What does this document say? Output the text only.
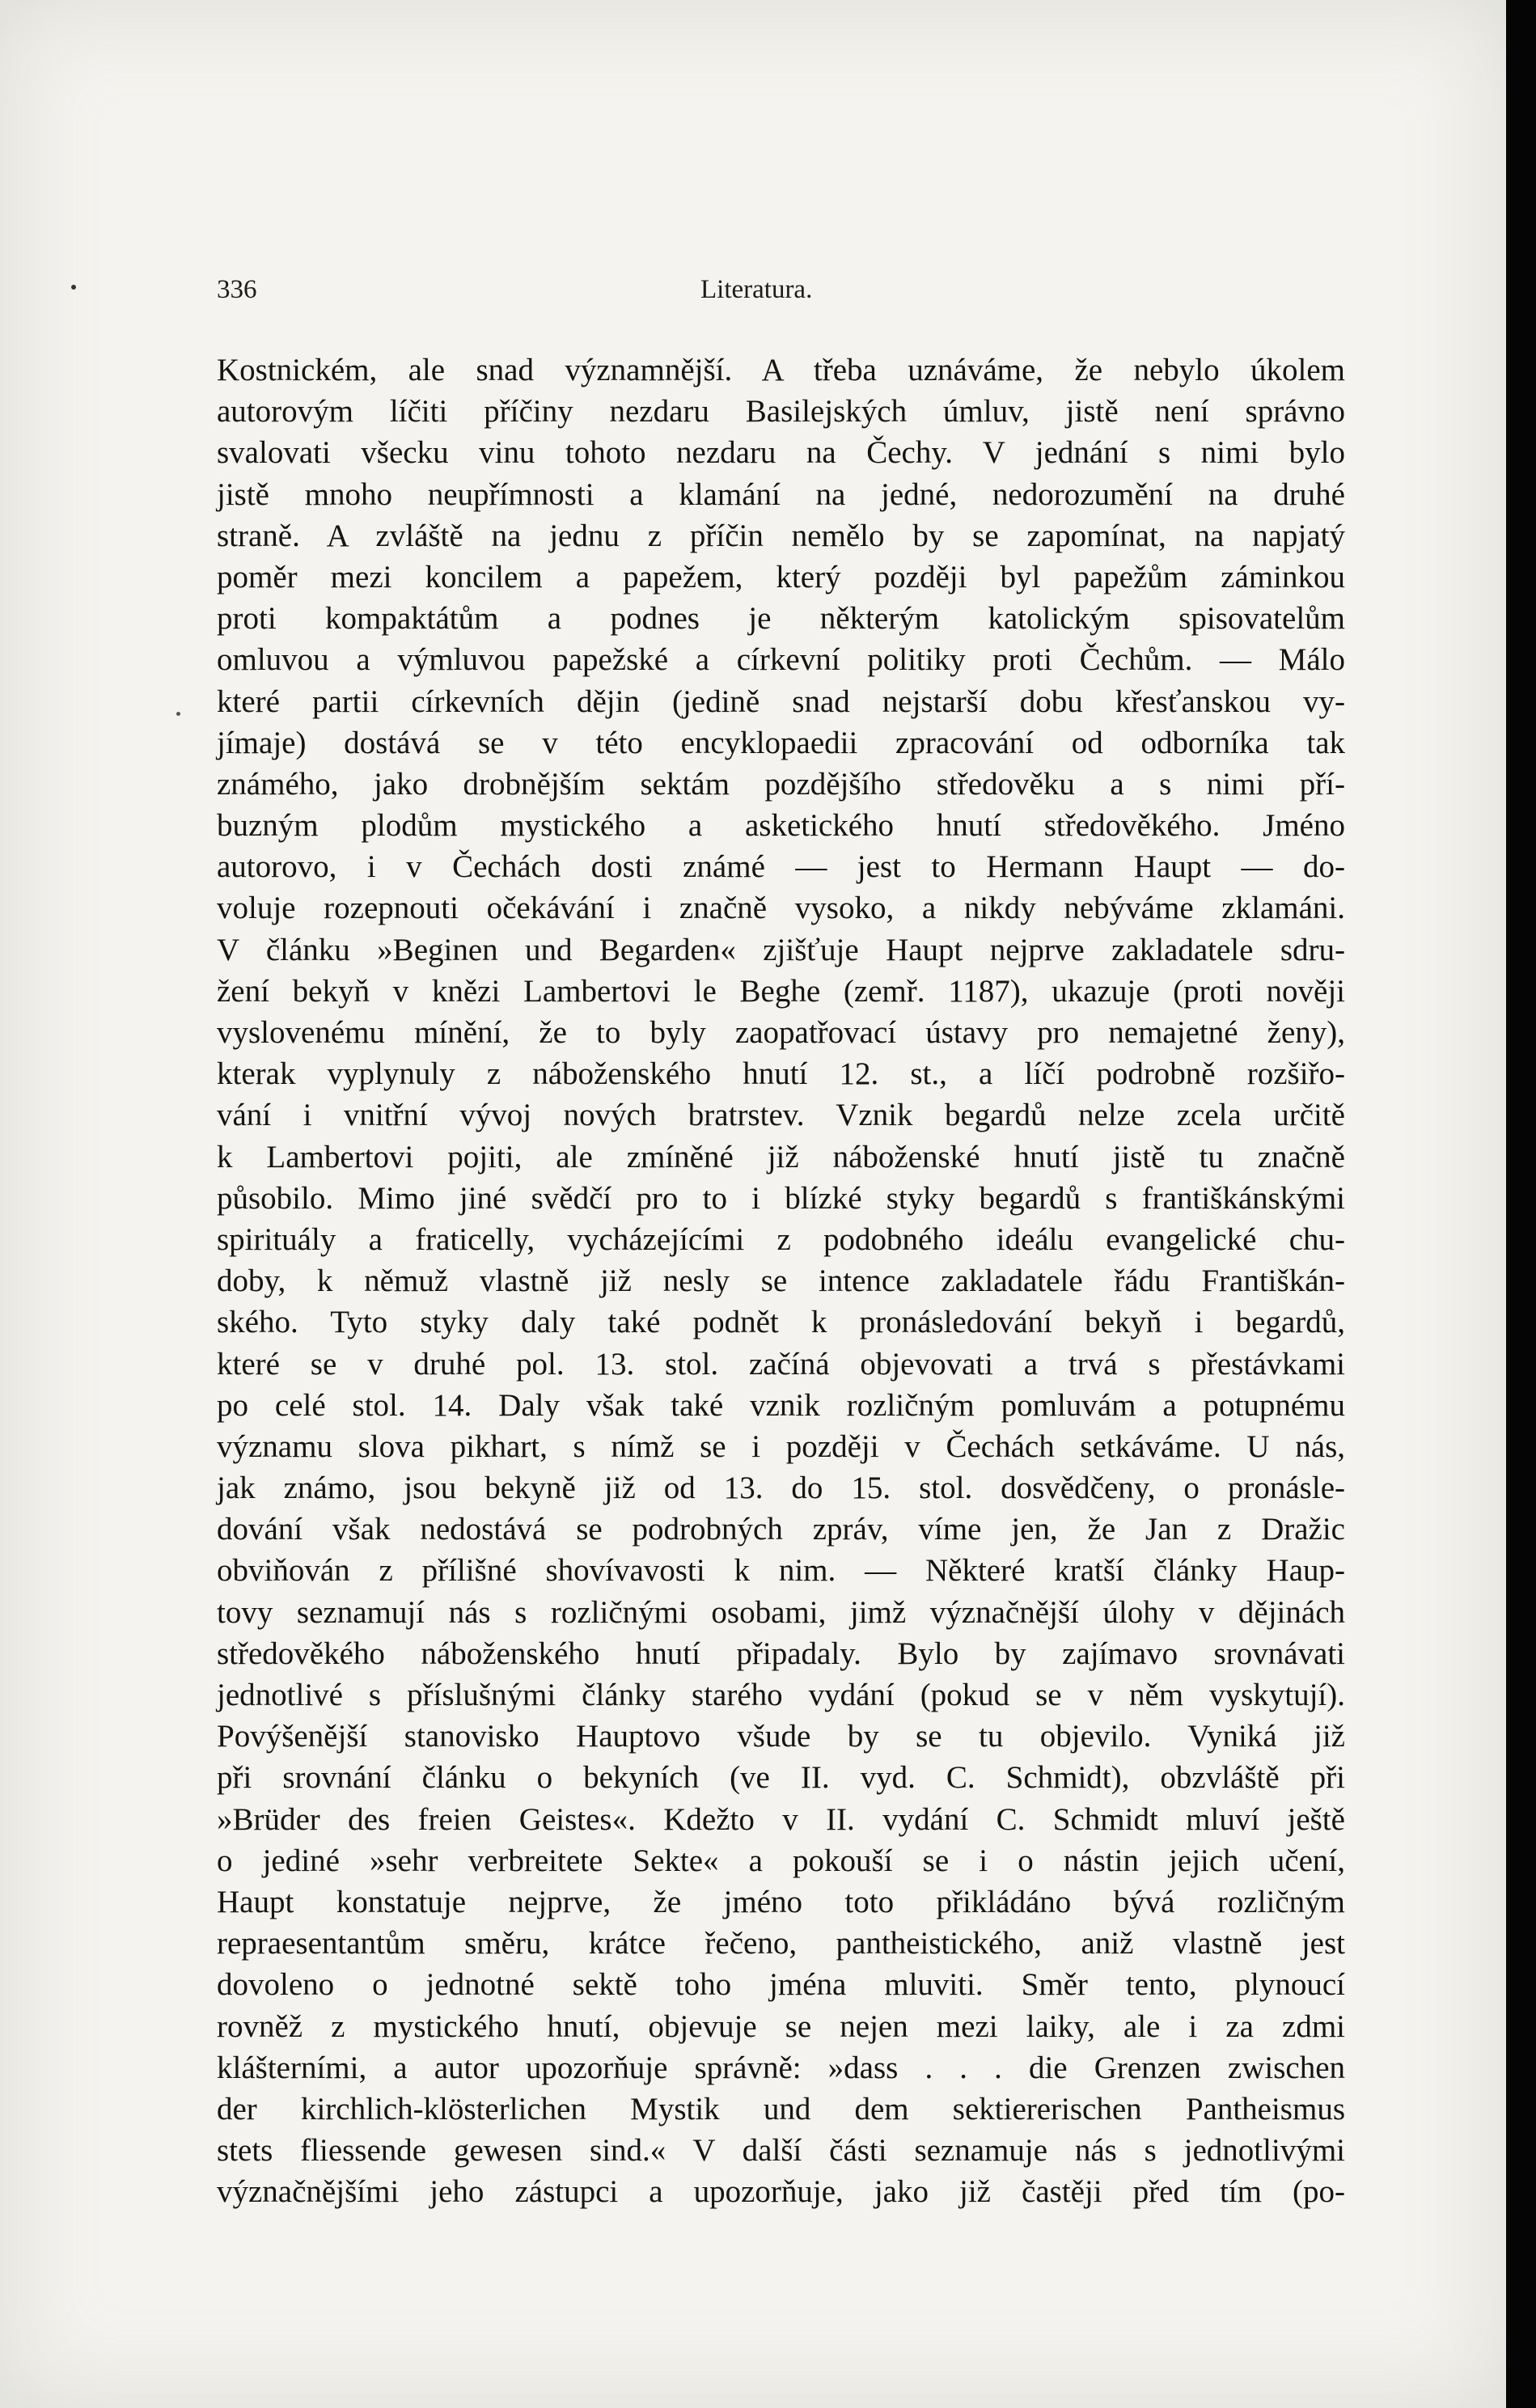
336	Literatura.
Kostnickém, ale snad významnější. A třeba uznáváme, že nebylo úkolem
autorovým líčiti příčiny nezdaru Basilejských úmluv, jistě není správno
svalovati všecku vinu tohoto nezdaru na Čechy. V jednání s nimi bylo
jistě mnoho neupřímnosti a klamání na jedné, nedorozumění na druhé
straně. A zvláště na jednu z příčin nemělo by se zapomínat, na napjatý
poměr mezi koncilem a papežem, který později byl papežům záminkou
proti kompaktátům a podnes je některým katolickým spisovatelům
omluvou a výmluvou papežské a církevní politiky proti Čechům. — Málo
které partii církevních dějin (jedině snad nejstarší dobu křesťanskou vy-
jímaje) dostává se v této encyklopaedii zpracování od odborníka tak
známého, jako drobnějším sektám pozdějšího středověku a s nimi pří-
buzným plodům mystického a asketického hnutí středověkého. Jméno
autorovo, i v Čechách dosti známé — jest to Hermann Haupt — do-
voluje rozepnouti očekávání i značně vysoko, a nikdy nebýváme zklamáni.
V článku »Beginen und Begarden« zjišťuje Haupt nejprve zakladatele sdru-
žení bekyň v knězi Lambertovi le Beghe (zemř. 1187), ukazuje (proti nověji
vyslovenému mínění, že to byly zaopatřovací ústavy pro nemajetné ženy),
kterak vyplynuly z náboženského hnutí 12. st., a líčí podrobně rozšiřo-
vání i vnitřní vývoj nových bratrstev. Vznik begardů nelze zcela určitě
k Lambertovi pojiti, ale zmíněné již náboženské hnutí jistě tu značně
působilo. Mimo jiné svědčí pro to i blízké styky begardů s františkánskými
spirituály a fraticelly, vycházejícími z podobného ideálu evangelické chu-
doby, k němuž vlastně již nesly se intence zakladatele řádu Františkán-
ského. Tyto styky daly také podnět k pronásledování bekyň i begardů,
které se v druhé pol. 13. stol. začíná objevovati a trvá s přestávkami
po celé stol. 14. Daly však také vznik rozličným pomluvám a potupnému
významu slova pikhart, s nímž se i později v Čechách setkáváme. U nás,
jak známo, jsou bekyně již od 13. do 15. stol. dosvědčeny, o pronásle-
dování však nedostává se podrobných zpráv, víme jen, že Jan z Dražic
obviňován z přílišné shovívavosti k nim. — Některé kratší články Haup-
tovy seznamují nás s rozličnými osobami, jimž význačnější úlohy v dějinách
středověkého náboženského hnutí připadaly. Bylo by zajímavo srovnávati
jednotlivé s příslušnými články starého vydání (pokud se v něm vyskytují).
Povýšenější stanovisko Hauptovo všude by se tu objevilo. Vyniká již
při srovnání článku o bekyních (ve II. vyd. C. Schmidt), obzvláště při
»Brüder des freien Geistes«. Kdežto v II. vydání C. Schmidt mluví ještě
o jediné »sehr verbreitete Sekte« a pokouší se i o nástin jejich učení,
Haupt konstatuje nejprve, že jméno toto přikládáno bývá rozličným
repraesentantům směru, krátce řečeno, pantheistického, aniž vlastně jest
dovoleno o jednotné sektě toho jména mluviti. Směr tento, plynoucí
rovněž z mystického hnutí, objevuje se nejen mezi laiky, ale i za zdmi
klášterními, a autor upozorňuje správně: »dass . . . die Grenzen zwischen
der kirchlich-klösterlichen Mystik und dem sektiererischen Pantheismus
stets fliessende gewesen sind.« V další části seznamuje nás s jednotlivými
význačnějšími jeho zástupci a upozorňuje, jako již častěji před tím (po-
